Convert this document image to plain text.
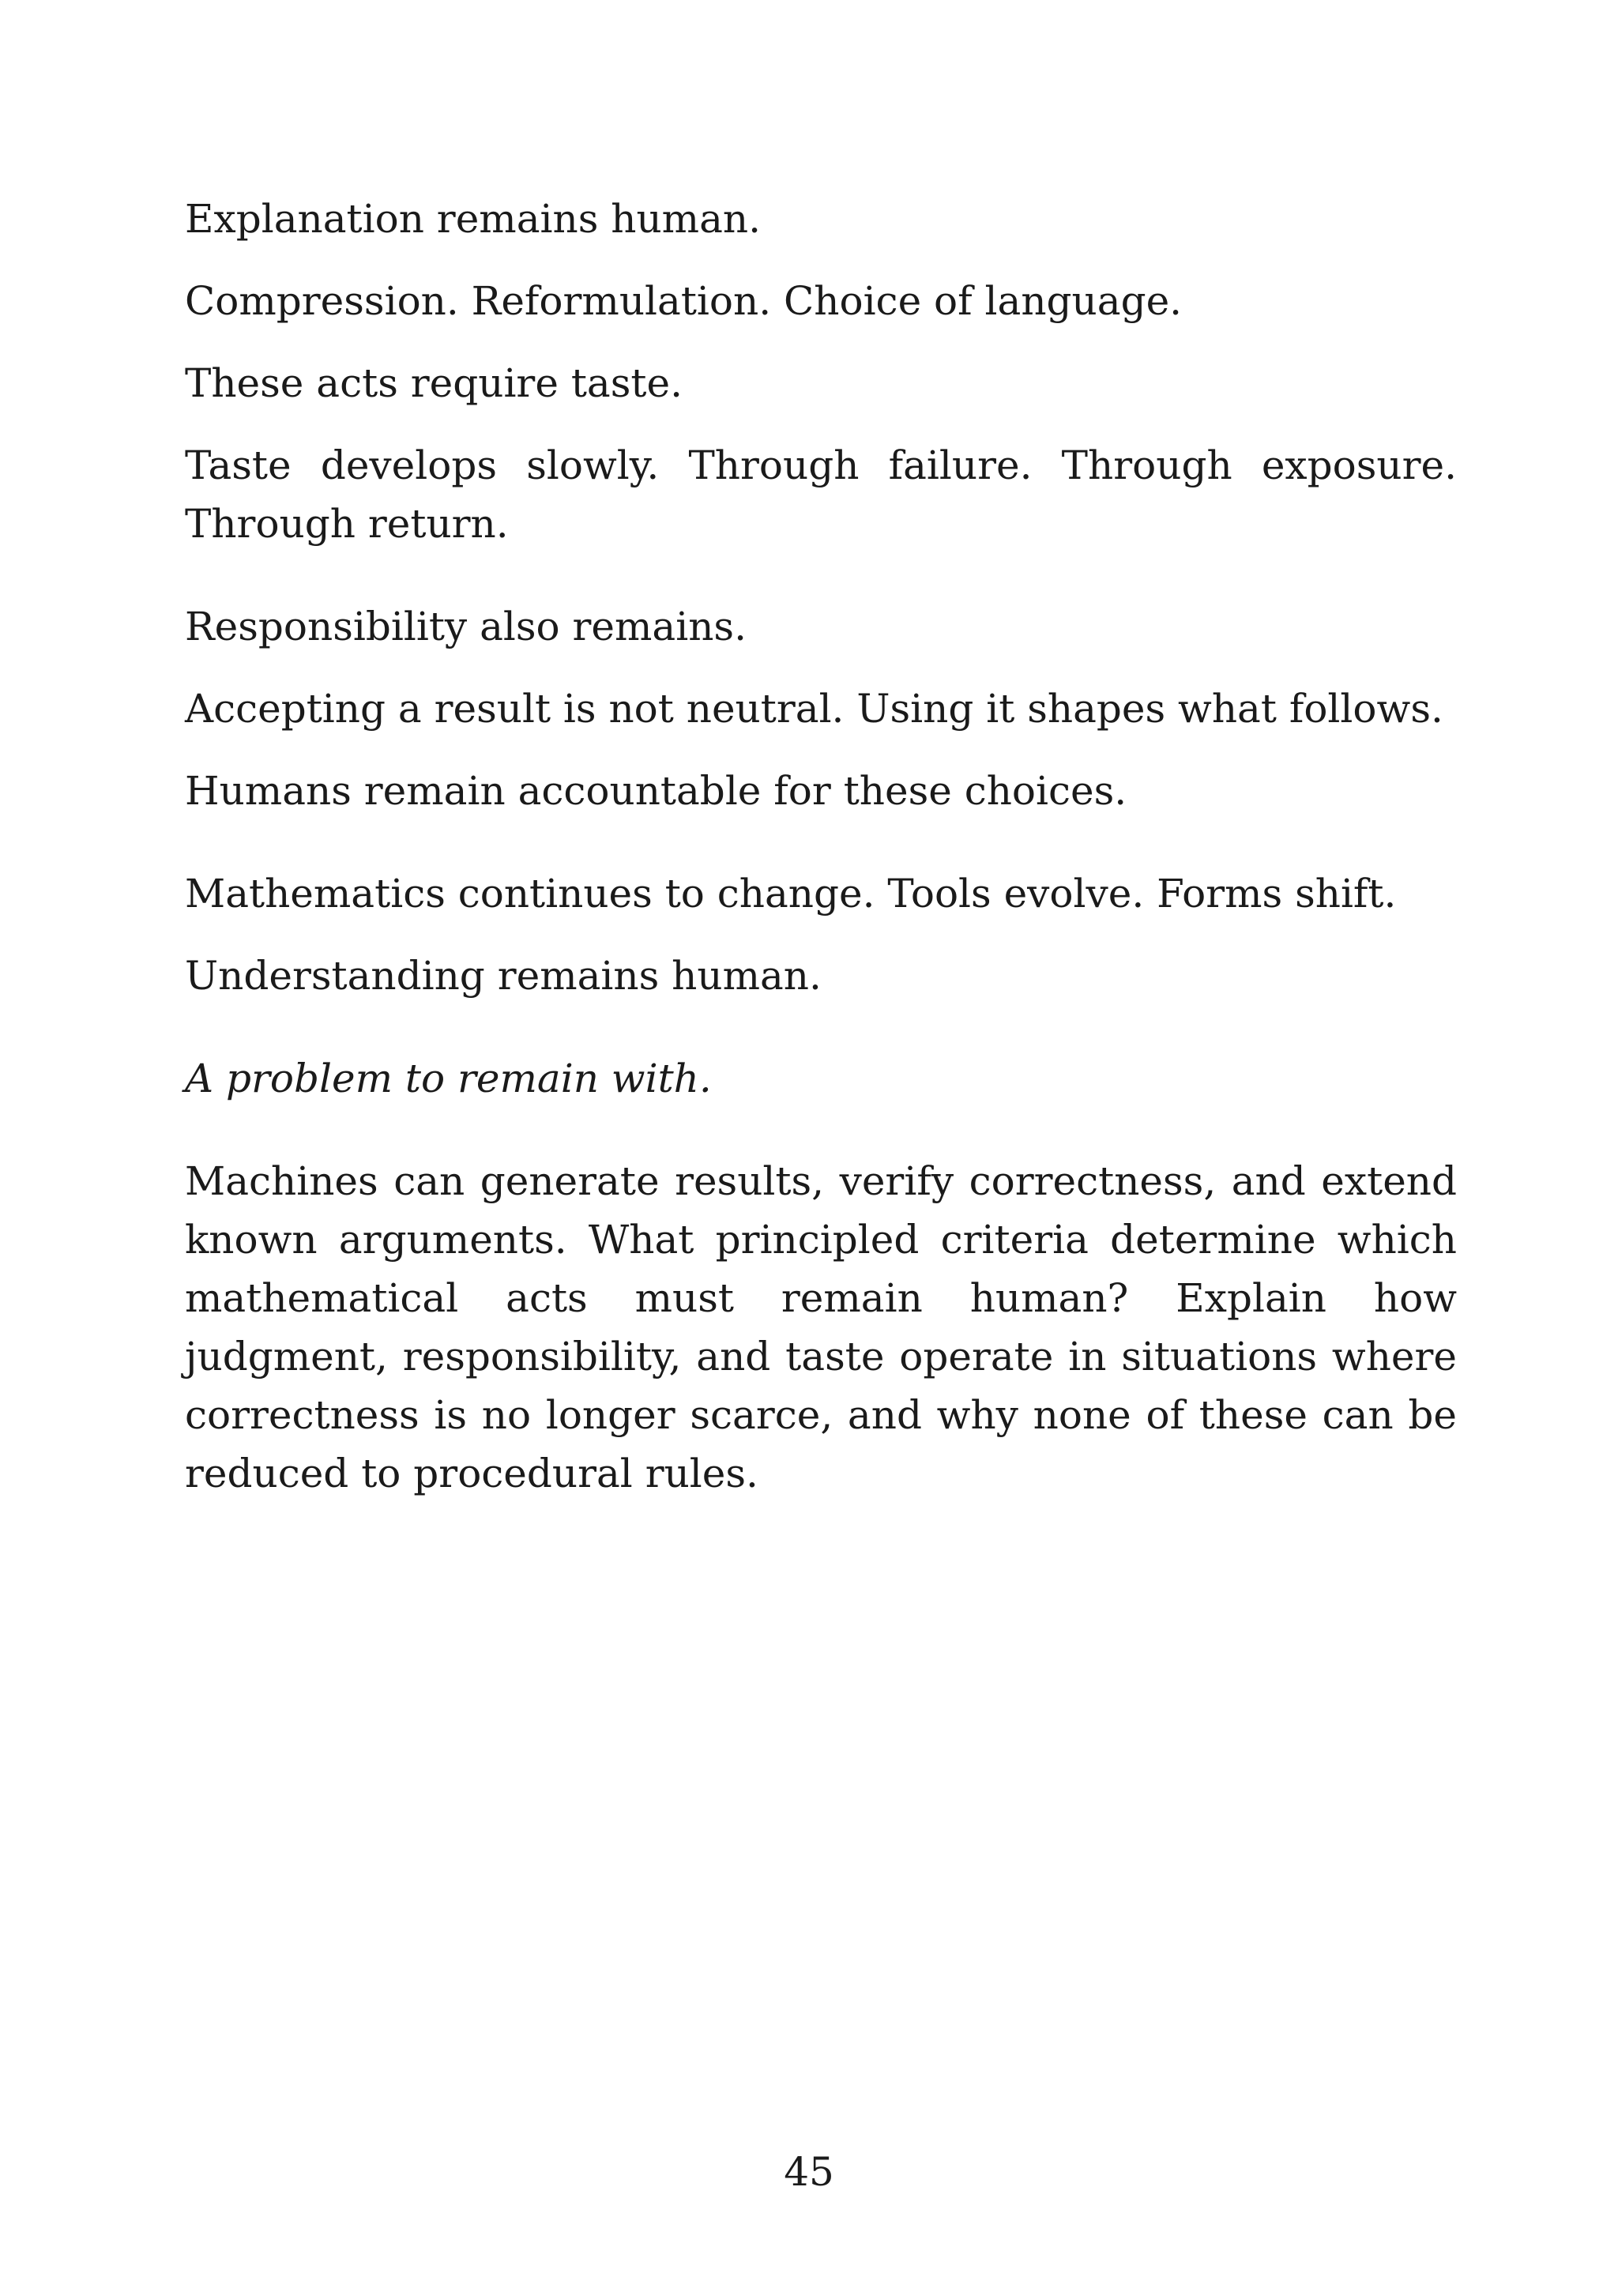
Explanation remains human.

Compression. Reformulation. Choice of language.

These acts require taste.

Taste develops slowly. Through failure. Through exposure. Through return.

Responsibility also remains.

Accepting a result is not neutral. Using it shapes what follows.

Humans remain accountable for these choices.

Mathematics continues to change. Tools evolve. Forms shift.

Understanding remains human.

A problem to remain with.

Machines can generate results, verify correctness, and extend known arguments. What principled criteria determine which mathematical acts must remain human? Explain how judgment, responsibility, and taste operate in situations where correctness is no longer scarce, and why none of these can be reduced to procedural rules.

45
